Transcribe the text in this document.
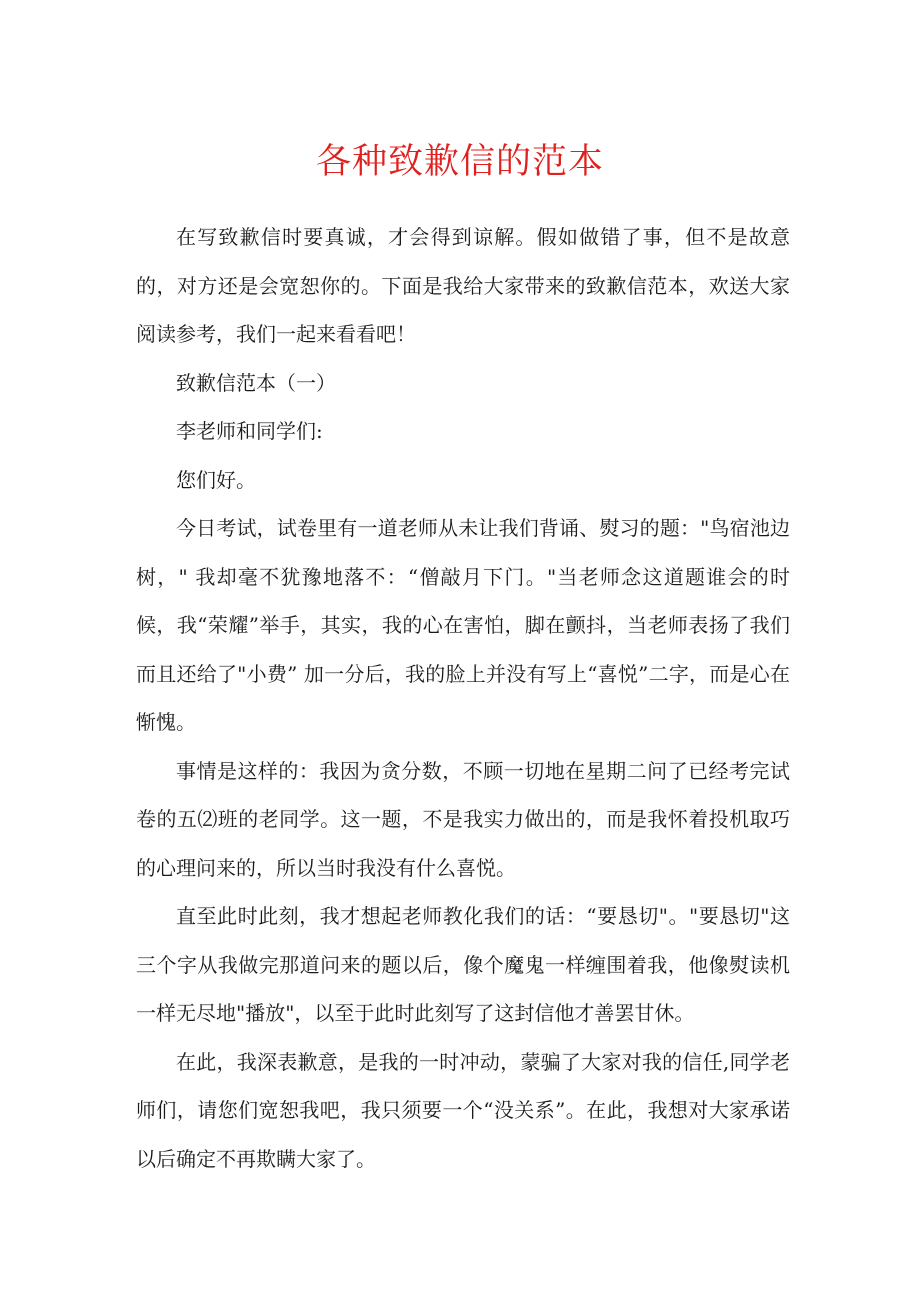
各种致歉信的范本

在写致歉信时要真诚，才会得到谅解。假如做错了事，但不是故意的，对方还是会宽恕你的。下面是我给大家带来的致歉信范本，欢送大家阅读参考，我们一起来看看吧！

致歉信范本（一）

李老师和同学们:

您们好。

今日考试，试卷里有一道老师从未让我们背诵、熨习的题："鸟宿池边树，" 我却毫不犹豫地落不：“僧敲月下门。"当老师念这道题谁会的时候，我“荣耀”举手，其实，我的心在害怕，脚在颤抖，当老师表扬了我们而且还给了"小费” 加一分后，我的脸上并没有写上“喜悦”二字，而是心在惭愧。

事情是这样的：我因为贪分数，不顾一切地在星期二问了已经考完试卷的五⑵班的老同学。这一题，不是我实力做出的，而是我怀着投机取巧的心理问来的，所以当时我没有什么喜悦。

直至此时此刻，我才想起老师教化我们的话：“要恳切"。"要恳切"这三个字从我做完那道问来的题以后，像个魔鬼一样缠围着我，他像熨读机一样无尽地"播放"，以至于此时此刻写了这封信他才善罢甘休。

在此，我深表歉意，是我的一时冲动，蒙骗了大家对我的信任,同学老师们，请您们宽恕我吧，我只须要一个“没关系”。在此，我想对大家承诺以后确定不再欺瞒大家了。
